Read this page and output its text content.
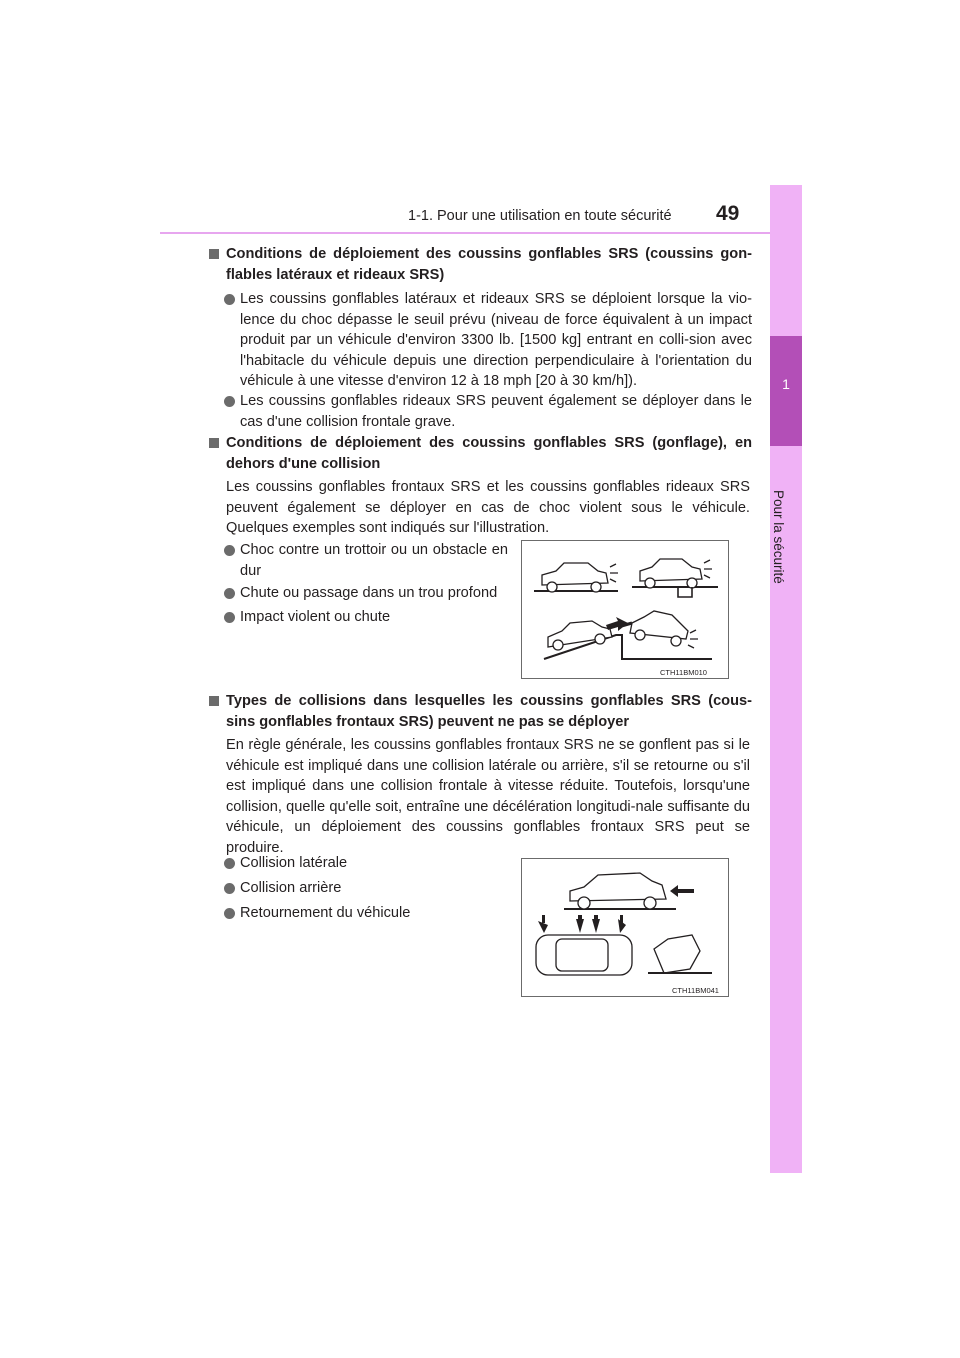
1-1. Pour une utilisation en toute sécurité 49
1
Pour la sécurité
Conditions de déploiement des coussins gonflables SRS (coussins gon-flables latéraux et rideaux SRS)
Les coussins gonflables latéraux et rideaux SRS se déploient lorsque la vio-lence du choc dépasse le seuil prévu (niveau de force équivalent à un impact produit par un véhicule d'environ 3300 lb. [1500 kg] entrant en colli-sion avec l'habitacle du véhicule depuis une direction perpendiculaire à l'orientation du véhicule à une vitesse d'environ 12 à 18 mph [20 à 30 km/h]).
Les coussins gonflables rideaux SRS peuvent également se déployer dans le cas d'une collision frontale grave.
Conditions de déploiement des coussins gonflables SRS (gonflage), en dehors d'une collision
Les coussins gonflables frontaux SRS et les coussins gonflables rideaux SRS peuvent également se déployer en cas de choc violent sous le véhicule. Quelques exemples sont indiqués sur l'illustration.
Choc contre un trottoir ou un obstacle en dur
Chute ou passage dans un trou profond
Impact violent ou chute
CTH11BM010
Types de collisions dans lesquelles les coussins gonflables SRS (cous-sins gonflables frontaux SRS) peuvent ne pas se déployer
En règle générale, les coussins gonflables frontaux SRS ne se gonflent pas si le véhicule est impliqué dans une collision latérale ou arrière, s'il se retourne ou s'il est impliqué dans une collision frontale à vitesse réduite. Toutefois, lorsqu'une collision, quelle qu'elle soit, entraîne une décélération longitudi-nale suffisante du véhicule, un déploiement des coussins gonflables frontaux SRS peut se produire.
Collision latérale
Collision arrière
Retournement du véhicule
CTH11BM041
